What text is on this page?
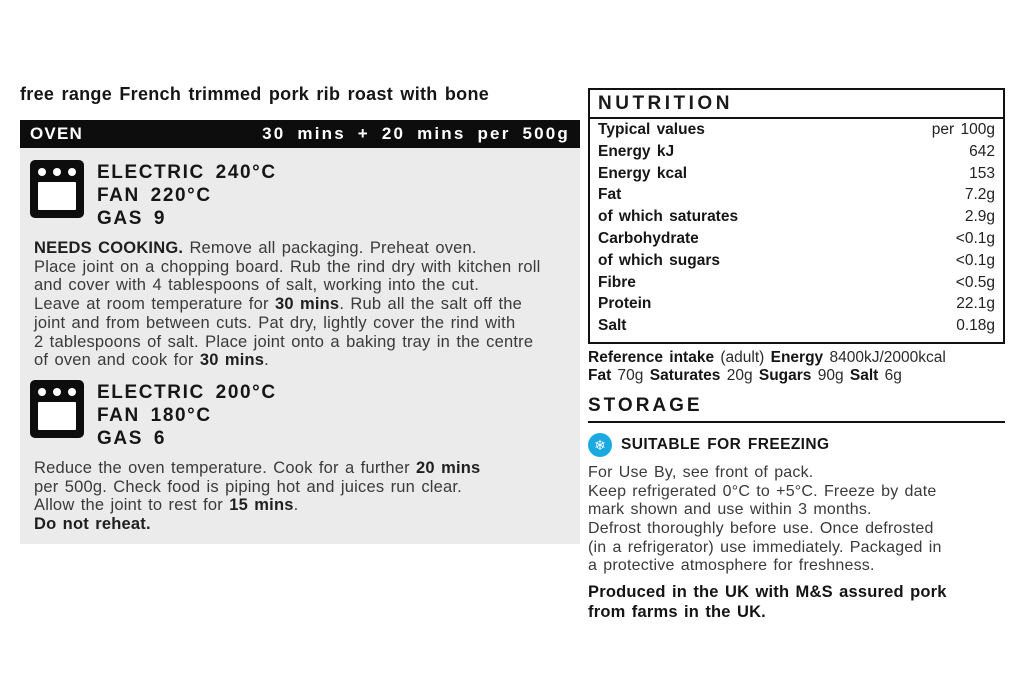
free range French trimmed pork rib roast with bone
OVEN	30 mins + 20 mins per 500g
ELECTRIC 240°C
FAN 220°C
GAS 9
NEEDS COOKING. Remove all packaging. Preheat oven.
Place joint on a chopping board. Rub the rind dry with kitchen roll
and cover with 4 tablespoons of salt, working into the cut.
Leave at room temperature for 30 mins. Rub all the salt off the
joint and from between cuts. Pat dry, lightly cover the rind with
2 tablespoons of salt. Place joint onto a baking tray in the centre
of oven and cook for 30 mins.
ELECTRIC 200°C
FAN 180°C
GAS 6
Reduce the oven temperature. Cook for a further 20 mins
per 500g. Check food is piping hot and juices run clear.
Allow the joint to rest for 15 mins.
Do not reheat.
NUTRITION
Typical values	per 100g
Energy kJ	642
Energy kcal	153
Fat	7.2g
of which saturates	2.9g
Carbohydrate	<0.1g
of which sugars	<0.1g
Fibre	<0.5g
Protein	22.1g
Salt	0.18g
Reference intake (adult) Energy 8400kJ/2000kcal
Fat 70g Saturates 20g Sugars 90g Salt 6g
STORAGE
❄ SUITABLE FOR FREEZING
For Use By, see front of pack.
Keep refrigerated 0°C to +5°C. Freeze by date
mark shown and use within 3 months.
Defrost thoroughly before use. Once defrosted
(in a refrigerator) use immediately. Packaged in
a protective atmosphere for freshness.
Produced in the UK with M&S assured pork
from farms in the UK.
